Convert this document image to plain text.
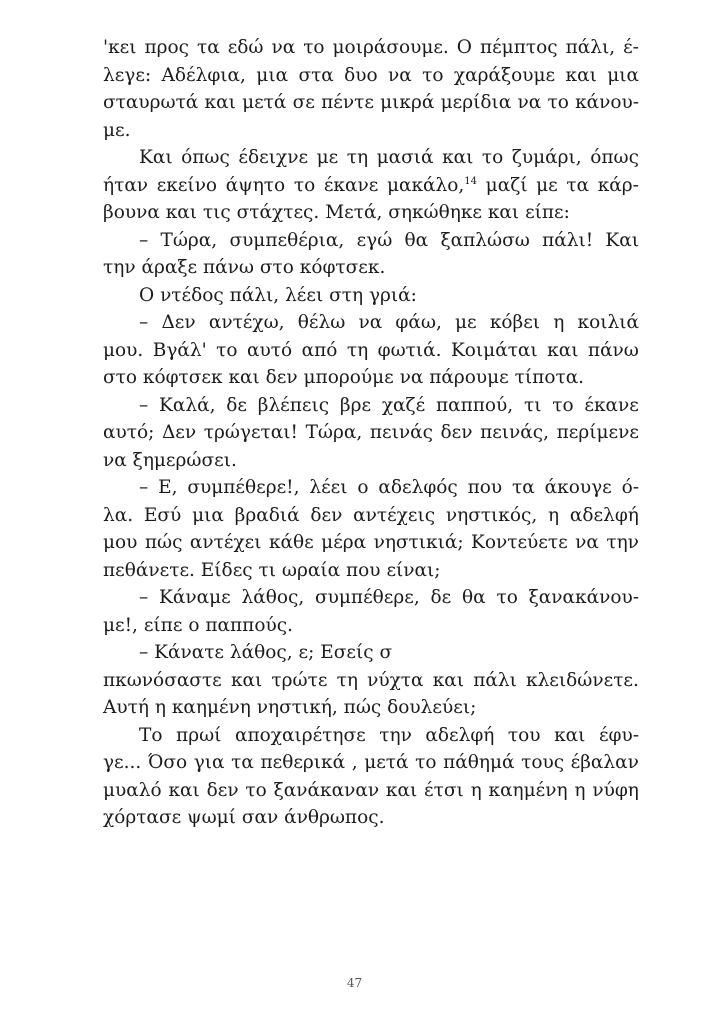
'κει προς τα εδώ να το μοιράσουμε. Ο πέμπτος πάλι, έ-
λεγε: Αδέλφια, μια στα δυο να το χαράξουμε και μια
σταυρωτά και μετά σε πέντε μικρά μερίδια να το κάνου-
με.
Και όπως έδειχνε με τη μασιά και το ζυμάρι, όπως
ήταν εκείνο άψητο το έκανε μακάλο,$^{14}$ μαζί με τα κάρ-
βουνα
και
τις
στάχτες.
Μετά,
σηκώθηκε
και
είπε:
– Τώρα, συμπεθέρια, εγώ θα ξαπλώσω πάλι! Και
την
άραξε
πάνω
στο
κόφτσεκ.
Ο
ντέδος
πάλι,
λέει
στη
γριά:
– Δεν αντέχω, θέλω να φάω, με κόβει η κοιλιά
μου. Βγάλ' το αυτό από τη φωτιά. Κοιμάται και πάνω
στο
κόφτσεκ
και
δεν
μπορούμε
να
πάρουμε
τίποτα.
– Καλά, δε βλέπεις βρε χαζέ παππού, τι το έκανε
αυτό; Δεν τρώγεται! Τώρα, πεινάς δεν πεινάς, περίμενε
να
ξημερώσει.
– Ε, συμπέθερε!, λέει ο αδελφός που τα άκουγε ό-
λα. Εσύ μια βραδιά δεν αντέχεις νηστικός, η αδελφή
μου πώς αντέχει κάθε μέρα νηστικιά; Κοντεύετε να την
πεθάνετε.
Είδες
τι
ωραία
που
είναι;
– Κάναμε λάθος, συμπέθερε, δε θα το ξανακάνου-
με!,
είπε
ο
παππούς.
–
Κάνατε
λάθος,
ε;
Εσείς
σ
πκωνόσαστε και τρώτε τη νύχτα και πάλι κλειδώνετε.
Αυτή
η
καημένη
νηστική,
πώς
δουλεύει;
Το πρωί αποχαιρέτησε την αδελφή του και έφυ-
γε... Όσο για τα πεθερικά , μετά το πάθημά τους έβαλαν
μυαλό και δεν το ξανάκαναν και έτσι η καημένη η νύφη
χόρτασε
ψωμί
σαν
άνθρωπος.
47
